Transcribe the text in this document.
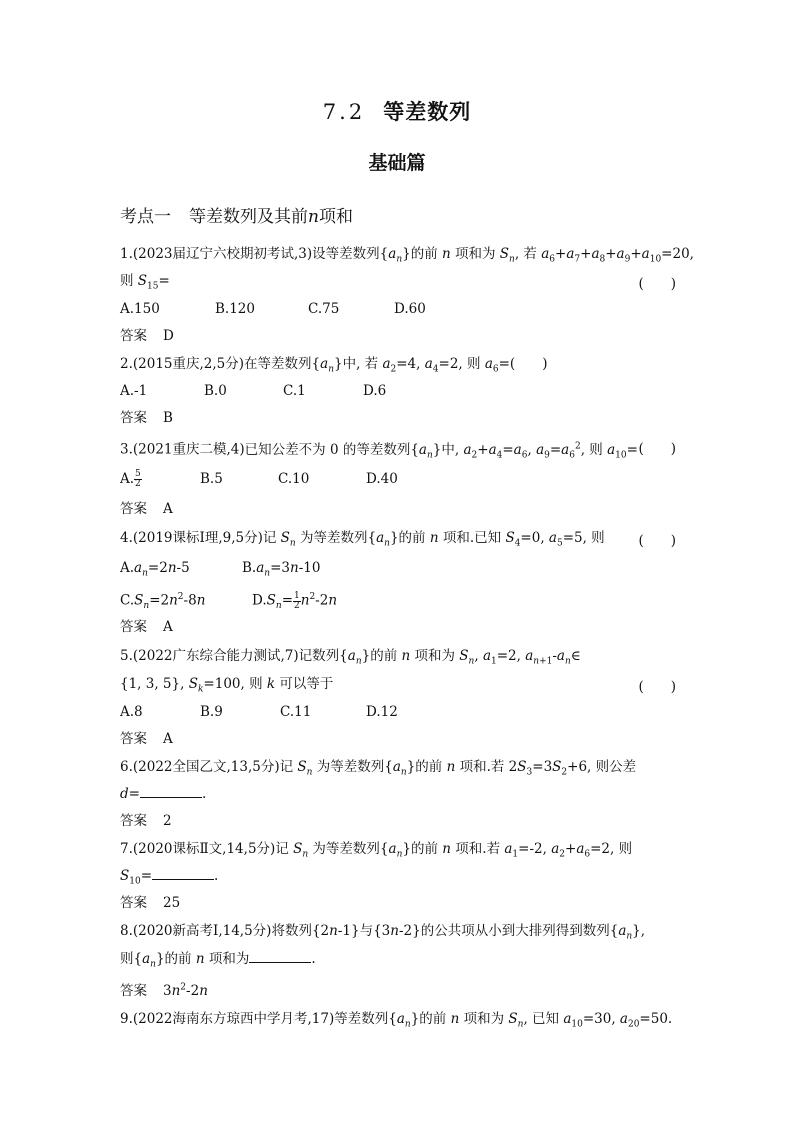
7.2 等差数列
基础篇
考点一 等差数列及其前n项和
1.(2023届辽宁六校期初考试,3)设等差数列$\{a_n\}$的前 n 项和为 $S_n$, 若 $a_6+a_7+a_8+a_9+a_{10}=20$,
则 $S_{15}=$	(　　)
A.150	B.120	C.75	D.60
答案 D
2.(2015重庆,2,5分)在等差数列$\{a_n\}$中, 若 $a_2=4$, $a_4=2$, 则 $a_6=$(　　)
A.-1	B.0	C.1	D.6
答案 B
3.(2021重庆二模,4)已知公差不为 0 的等差数列$\{a_n\}$中, $a_2+a_4=a_6$, $a_9=a_6^2$, 则 $a_{10}=$ (　　)
A. $\frac{5}{2}$	B.5	C.10	D.40
答案 A
4.(2019课标Ⅰ理,9,5分)记 $S_n$ 为等差数列$\{a_n\}$的前 n 项和.已知 $S_4=0$, $a_5=5$, 则	(　　)
$A.a_n=2n-5$	$B.a_n=3n-10$
$C.S_n=2n^2-8n$	$D.S_n= \frac{1}{2} n^2-2n$
答案 A
5.(2022广东综合能力测试,7)记数列$\{a_n\}$的前 n 项和为 $S_n$, $a_1=2$, $a_{n+1}-a_n\in$
{1, 3, 5}, $S_k=100$, 则 k 可以等于	(　　)
A.8	B.9	C.11	D.12
答案 A
6.(2022全国乙文,13,5分)记 $S_n$ 为等差数列$\{a_n\}$的前 n 项和.若 $2S_3=3S_2+6$, 则公差
d=	.
答案 2
7.(2020课标Ⅱ文,14,5分)记 $S_n$ 为等差数列$\{a_n\}$的前 n 项和.若 $a_1=-2$, $a_2+a_6=2$, 则
$S_{10}=$	.
答案 25
8.(2020新高考Ⅰ,14,5分)将数列{2n-1}与{3n-2}的公共项从小到大排列得到数列$\{a_n\}$,
则$\{a_n\}$的前 n 项和为	.
答案 $3n^2-2n$
9.(2022海南东方琼西中学月考,17)等差数列$\{a_n\}$的前 n 项和为 $S_n$, 已知 $a_{10}=30$, $a_{20}=50$.
